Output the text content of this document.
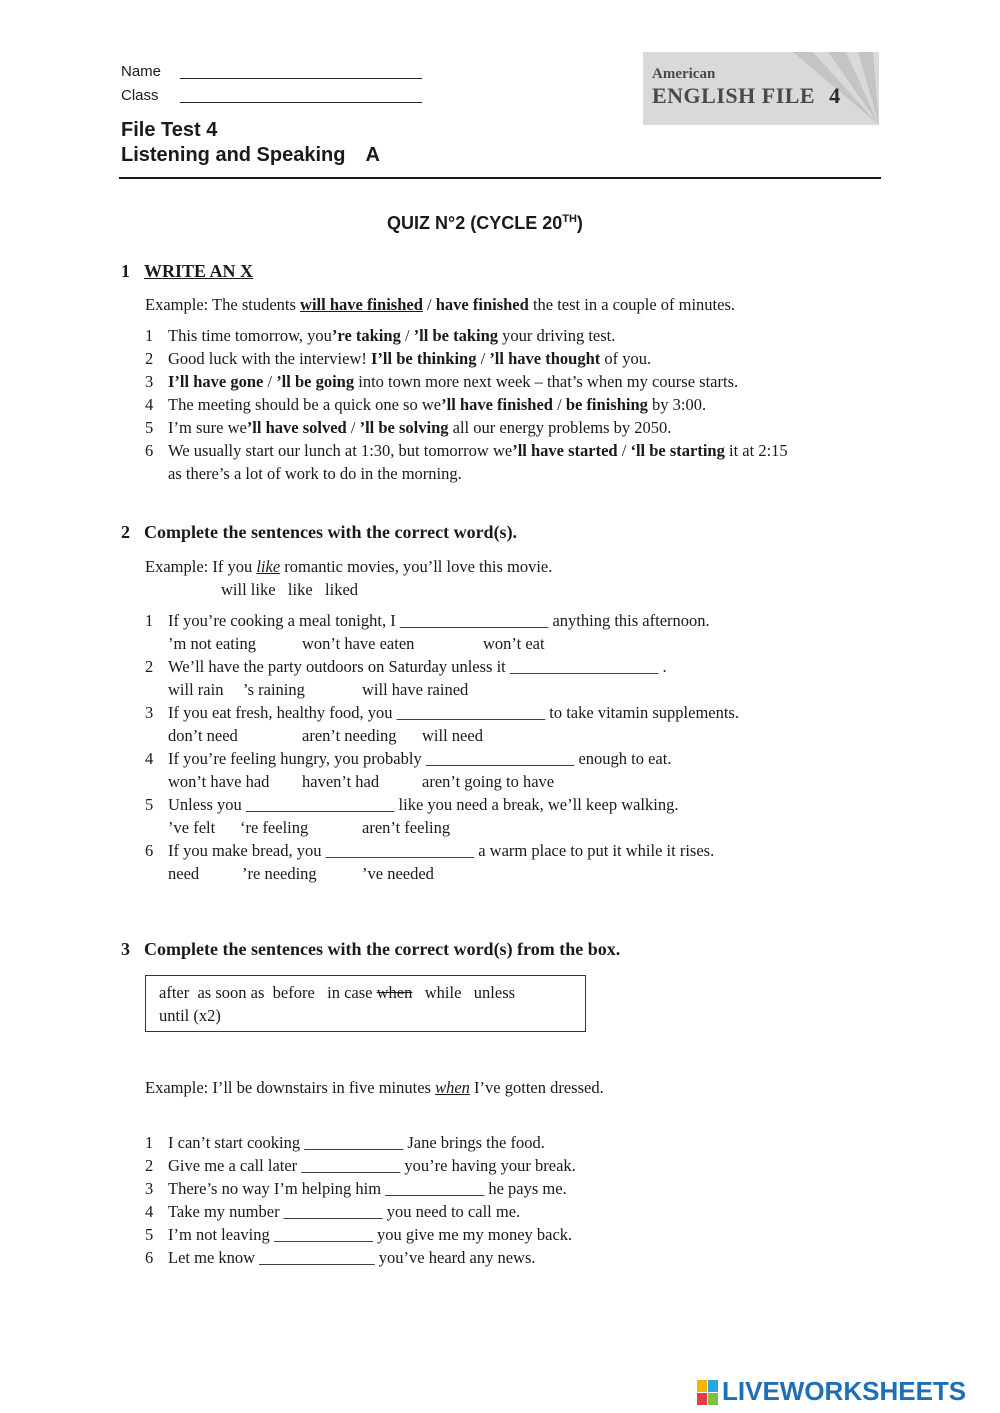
Name _____________________________
Class _____________________________
File Test 4
Listening and Speaking A
American
ENGLISH FILE 4
QUIZ N°2 (CYCLE 20TH)
1 WRITE AN X
Example: The students will have finished / have finished the test in a couple of minutes.
1 This time tomorrow, you’re taking / ’ll be taking your driving test.
2 Good luck with the interview! I’ll be thinking / ’ll have thought of you.
3 I’ll have gone / ’ll be going into town more next week – that’s when my course starts.
4 The meeting should be a quick one so we’ll have finished / be finishing by 3:00.
5 I’m sure we’ll have solved / ’ll be solving all our energy problems by 2050.
6 We usually start our lunch at 1:30, but tomorrow we’ll have started / ‘ll be starting it at 2:15
as there’s a lot of work to do in the morning.
2 Complete the sentences with the correct word(s).
Example: If you like romantic movies, you’ll love this movie.
will like   like   liked
1 If you’re cooking a meal tonight, I __________________ anything this afternoon.
’m not eating	won’t have eaten	won’t eat
2 We’ll have the party outdoors on Saturday unless it __________________ .
will rain ’s raining	will have rained
3 If you eat fresh, healthy food, you __________________ to take vitamin supplements.
don’t need	aren’t needing will need
4 If you’re feeling hungry, you probably __________________ enough to eat.
won’t have had haven’t had	aren’t going to have
5 Unless you __________________ like you need a break, we’ll keep walking.
’ve felt ‘re feeling	aren’t feeling
6 If you make bread, you __________________ a warm place to put it while it rises.
need	’re needing	’ve needed
3 Complete the sentences with the correct word(s) from the box.
after  as soon as  before   in case when   while   unless
until (x2)
Example: I’ll be downstairs in five minutes when I’ve gotten dressed.
1 I can’t start cooking ____________ Jane brings the food.
2 Give me a call later ____________ you’re having your break.
3 There’s no way I’m helping him ____________ he pays me.
4 Take my number ____________ you need to call me.
5 I’m not leaving ____________ you give me my money back.
6 Let me know ______________ you’ve heard any news.
LIVEWORKSHEETS
